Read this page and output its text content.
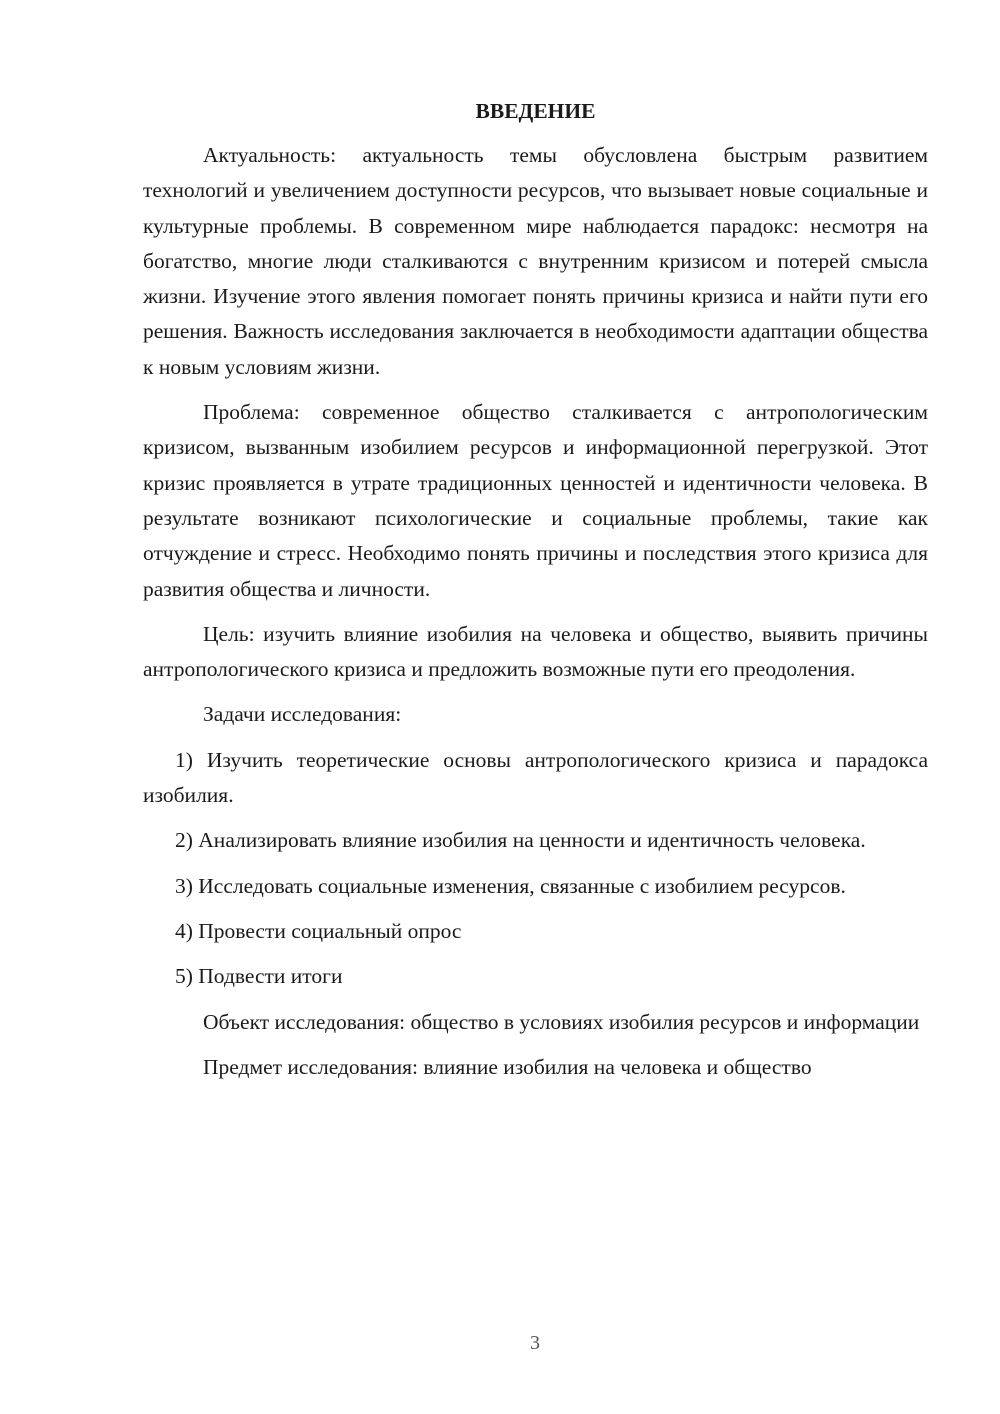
ВВЕДЕНИЕ

Актуальность: актуальность темы обусловлена быстрым развитием технологий и увеличением доступности ресурсов, что вызывает новые социальные и культурные проблемы. В современном мире наблюдается парадокс: несмотря на богатство, многие люди сталкиваются с внутренним кризисом и потерей смысла жизни. Изучение этого явления помогает понять причины кризиса и найти пути его решения. Важность исследования заключается в необходимости адаптации общества к новым условиям жизни.

Проблема: современное общество сталкивается с антропологическим кризисом, вызванным изобилием ресурсов и информационной перегрузкой. Этот кризис проявляется в утрате традиционных ценностей и идентичности человека. В результате возникают психологические и социальные проблемы, такие как отчуждение и стресс. Необходимо понять причины и последствия этого кризиса для развития общества и личности.

Цель: изучить влияние изобилия на человека и общество, выявить причины антропологического кризиса и предложить возможные пути его преодоления.

Задачи исследования:

1) Изучить теоретические основы антропологического кризиса и парадокса изобилия.

2) Анализировать влияние изобилия на ценности и идентичность человека.

3) Исследовать социальные изменения, связанные с изобилием ресурсов.

4) Провести социальный опрос

5) Подвести итоги

Объект исследования: общество в условиях изобилия ресурсов и информации

Предмет исследования: влияние изобилия на человека и общество

3
